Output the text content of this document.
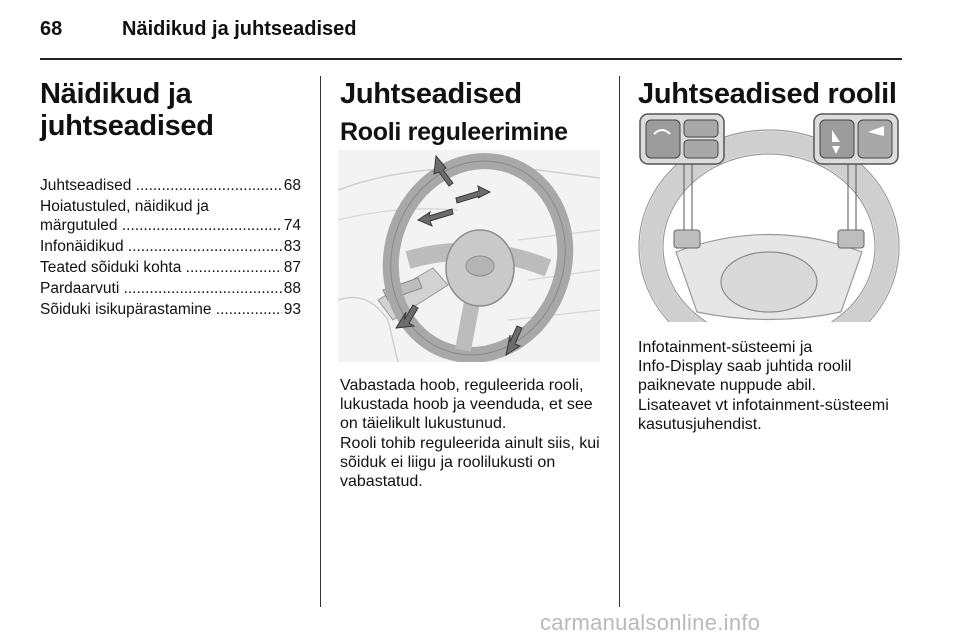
68	Näidikud ja juhtseadised
Näidikud ja
juhtseadised
Juhtseadised .....	68
Hoiatustuled, näidikud ja
märgutuled .....	74
Infonäidikud .....	83
Teated sõiduki kohta .....	87
Pardaarvuti .....	88
Sõiduki isikupärastamine .....	93
Juhtseadised
Rooli reguleerimine
Vabastada hoob, reguleerida rooli,
lukustada hoob ja veenduda, et see
on täielikult lukustunud.
Rooli tohib reguleerida ainult siis, kui
sõiduk ei liigu ja roolilukusti on
vabastatud.
Juhtseadised roolil
Infotainment-süsteemi ja
Info-Display saab juhtida roolil
paiknevate nuppude abil.
Lisateavet vt infotainment-süsteemi
kasutusjuhendist.
carmanualsonline.info
